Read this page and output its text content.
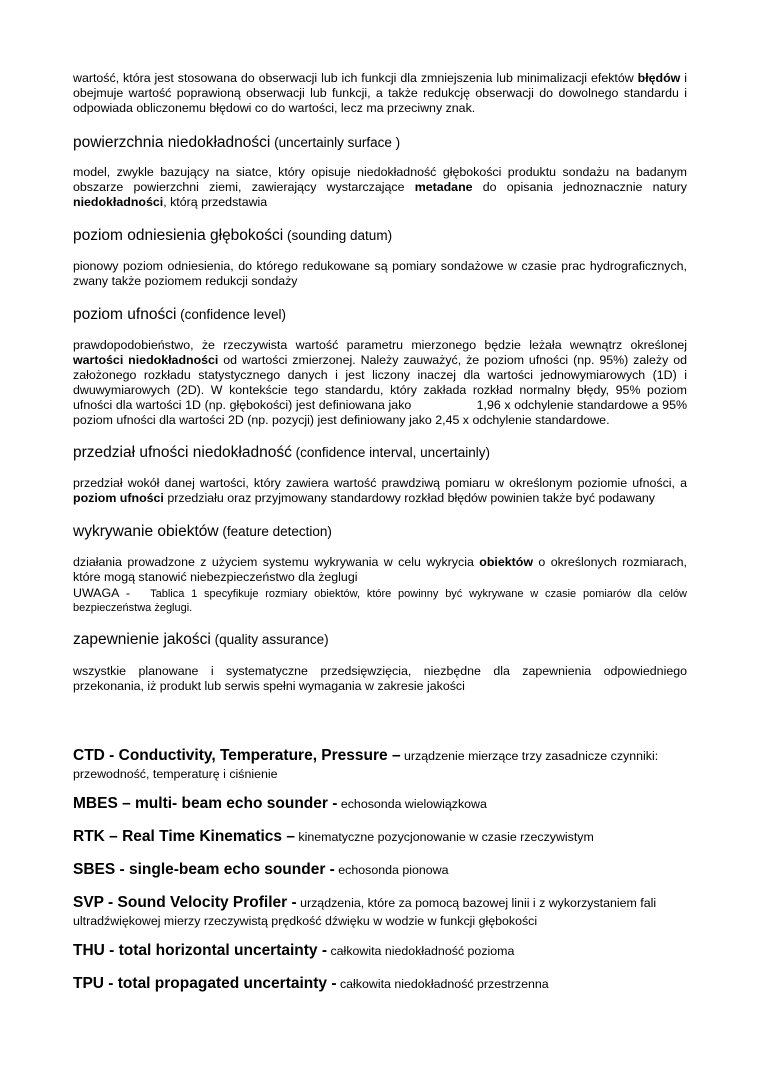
wartość, która jest stosowana do obserwacji lub ich funkcji dla zmniejszenia lub minimalizacji efektów błędów i obejmuje wartość poprawioną obserwacji lub funkcji, a także redukcję obserwacji do dowolnego standardu i odpowiada obliczonemu błędowi co do wartości, lecz ma przeciwny znak.

powierzchnia niedokładności (uncertainly surface )

model, zwykle bazujący na siatce, który opisuje niedokładność głębokości produktu sondażu na badanym obszarze powierzchni ziemi, zawierający wystarczające metadane do opisania jednoznacznie natury niedokładności, którą przedstawia

poziom odniesienia głębokości (sounding datum)

pionowy poziom odniesienia, do którego redukowane są pomiary sondażowe w czasie prac hydrograficznych, zwany także poziomem redukcji sondaży

poziom ufności (confidence level)

prawdopodobieństwo, że rzeczywista wartość parametru mierzonego będzie leżała wewnątrz określonej wartości niedokładności od wartości zmierzonej. Należy zauważyć, że poziom ufności (np. 95%) zależy od założonego rozkładu statystycznego danych i jest liczony inaczej dla wartości jednowymiarowych (1D) i dwuwymiarowych (2D). W kontekście tego standardu, który zakłada rozkład normalny błędy, 95% poziom ufności dla wartości 1D (np. głębokości) jest definiowana jako                  1,96 x odchylenie standardowe a 95% poziom ufności dla wartości 2D (np. pozycji) jest definiowany jako 2,45 x odchylenie standardowe.

przedział ufności niedokładność (confidence interval, uncertainly)

przedział wokół danej wartości, który zawiera wartość prawdziwą pomiaru w określonym poziomie ufności, a poziom ufności przedziału oraz przyjmowany standardowy rozkład błędów powinien także być podawany

wykrywanie obiektów (feature detection)

działania prowadzone z użyciem systemu wykrywania w celu wykrycia obiektów o określonych rozmiarach, które mogą stanowić niebezpieczeństwo dla żeglugi

UWAGA -   Tablica 1 specyfikuje rozmiary obiektów, które powinny być wykrywane w czasie pomiarów dla celów bezpieczeństwa żeglugi.

zapewnienie jakości (quality assurance)

wszystkie planowane i systematyczne przedsięwzięcia, niezbędne dla zapewnienia odpowiedniego przekonania, iż produkt lub serwis spełni wymagania w zakresie jakości

CTD - Conductivity, Temperature, Pressure – urządzenie mierzące trzy zasadnicze czynniki: przewodność, temperaturę i ciśnienie

MBES – multi- beam echo sounder - echosonda wielowiązkowa

RTK – Real Time Kinematics – kinematyczne pozycjonowanie w czasie rzeczywistym

SBES - single-beam echo sounder - echosonda pionowa

SVP - Sound Velocity Profiler - urządzenia, które za pomocą bazowej linii i z wykorzystaniem fali ultradźwiękowej mierzy rzeczywistą prędkość dźwięku w wodzie w funkcji głębokości

THU - total horizontal uncertainty - całkowita niedokładność pozioma

TPU - total propagated uncertainty - całkowita niedokładność przestrzenna
